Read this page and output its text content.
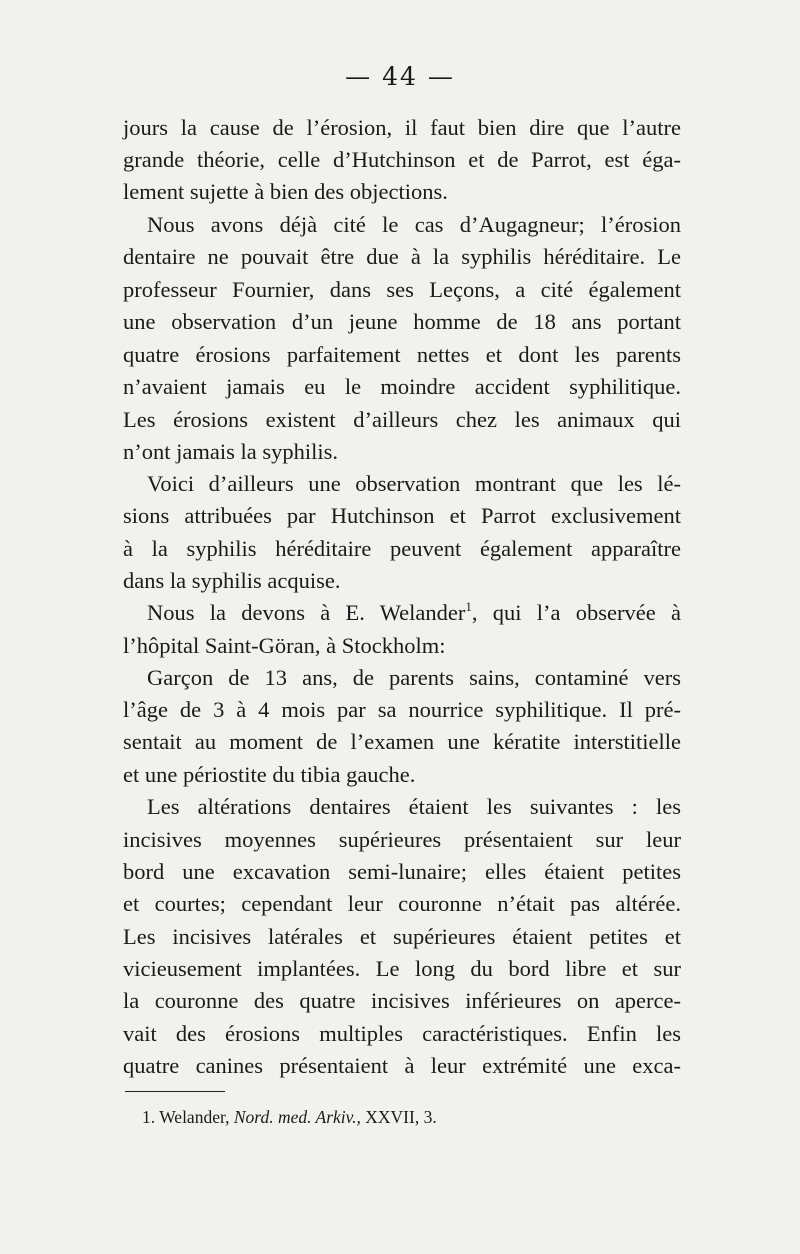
— 44 —
jours la cause de l’érosion, il faut bien dire que l’autre
grande théorie, celle d’Hutchinson et de Parrot, est éga-
lement sujette à bien des objections.
Nous avons déjà cité le cas d’Augagneur; l’érosion
dentaire ne pouvait être due à la syphilis héréditaire. Le
professeur Fournier, dans ses Leçons, a cité également
une observation d’un jeune homme de 18 ans portant
quatre érosions parfaitement nettes et dont les parents
n’avaient jamais eu le moindre accident syphilitique.
Les érosions existent d’ailleurs chez les animaux qui
n’ont jamais la syphilis.
Voici d’ailleurs une observation montrant que les lé-
sions attribuées par Hutchinson et Parrot exclusivement
à la syphilis héréditaire peuvent également apparaître
dans la syphilis acquise.
Nous la devons à E. Welander$^1$, qui l’a observée à
l’hôpital Saint-Göran, à Stockholm:
Garçon de 13 ans, de parents sains, contaminé vers
l’âge de 3 à 4 mois par sa nourrice syphilitique. Il pré-
sentait au moment de l’examen une kératite interstitielle
et une périostite du tibia gauche.
Les altérations dentaires étaient les suivantes : les
incisives moyennes supérieures présentaient sur leur
bord une excavation semi-lunaire; elles étaient petites
et courtes; cependant leur couronne n’était pas altérée.
Les incisives latérales et supérieures étaient petites et
vicieusement implantées. Le long du bord libre et sur
la couronne des quatre incisives inférieures on aperce-
vait des érosions multiples caractéristiques. Enfin les
quatre canines présentaient à leur extrémité une exca-
1. Welander, Nord. med. Arkiv., XXVII, 3.
